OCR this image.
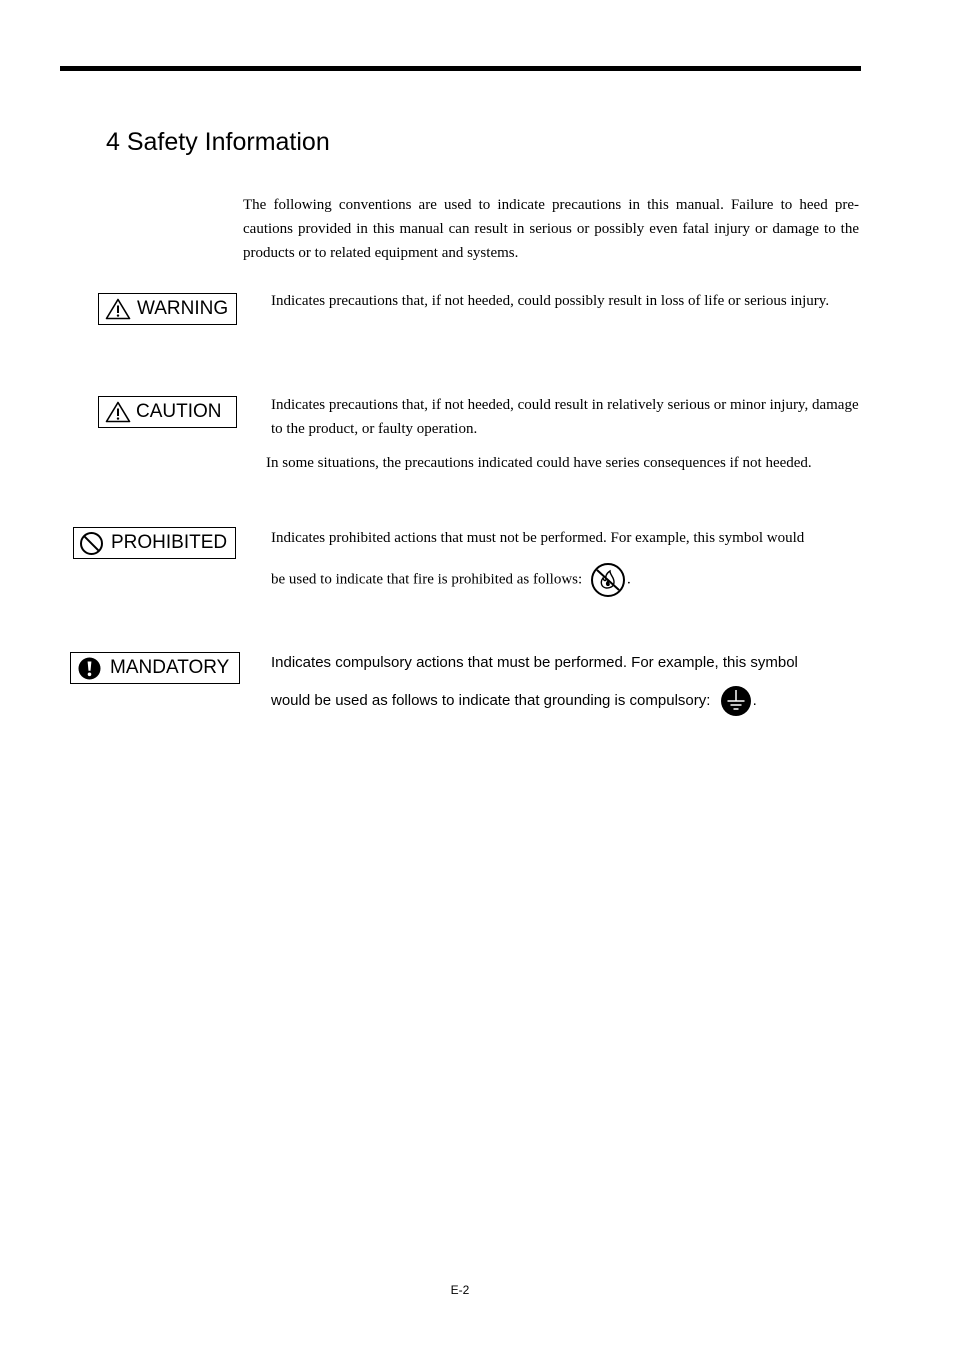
4 Safety Information
The following conventions are used to indicate precautions in this manual. Failure to heed pre-cautions provided in this manual can result in serious or possibly even fatal injury or damage to the products or to related equipment and systems.
WARNING	Indicates precautions that, if not heeded, could possibly result in loss of life or serious injury.
CAUTION	Indicates precautions that, if not heeded, could result in relatively serious or minor injury, damage to the product, or faulty operation.
In some situations, the precautions indicated could have series consequences if not heeded.
PROHIBITED	Indicates prohibited actions that must not be performed. For example, this symbol would
be used to indicate that fire is prohibited as follows:	.
MANDATORY	Indicates compulsory actions that must be performed. For example, this symbol
would be used as follows to indicate that grounding is compulsory:	.
E-2
